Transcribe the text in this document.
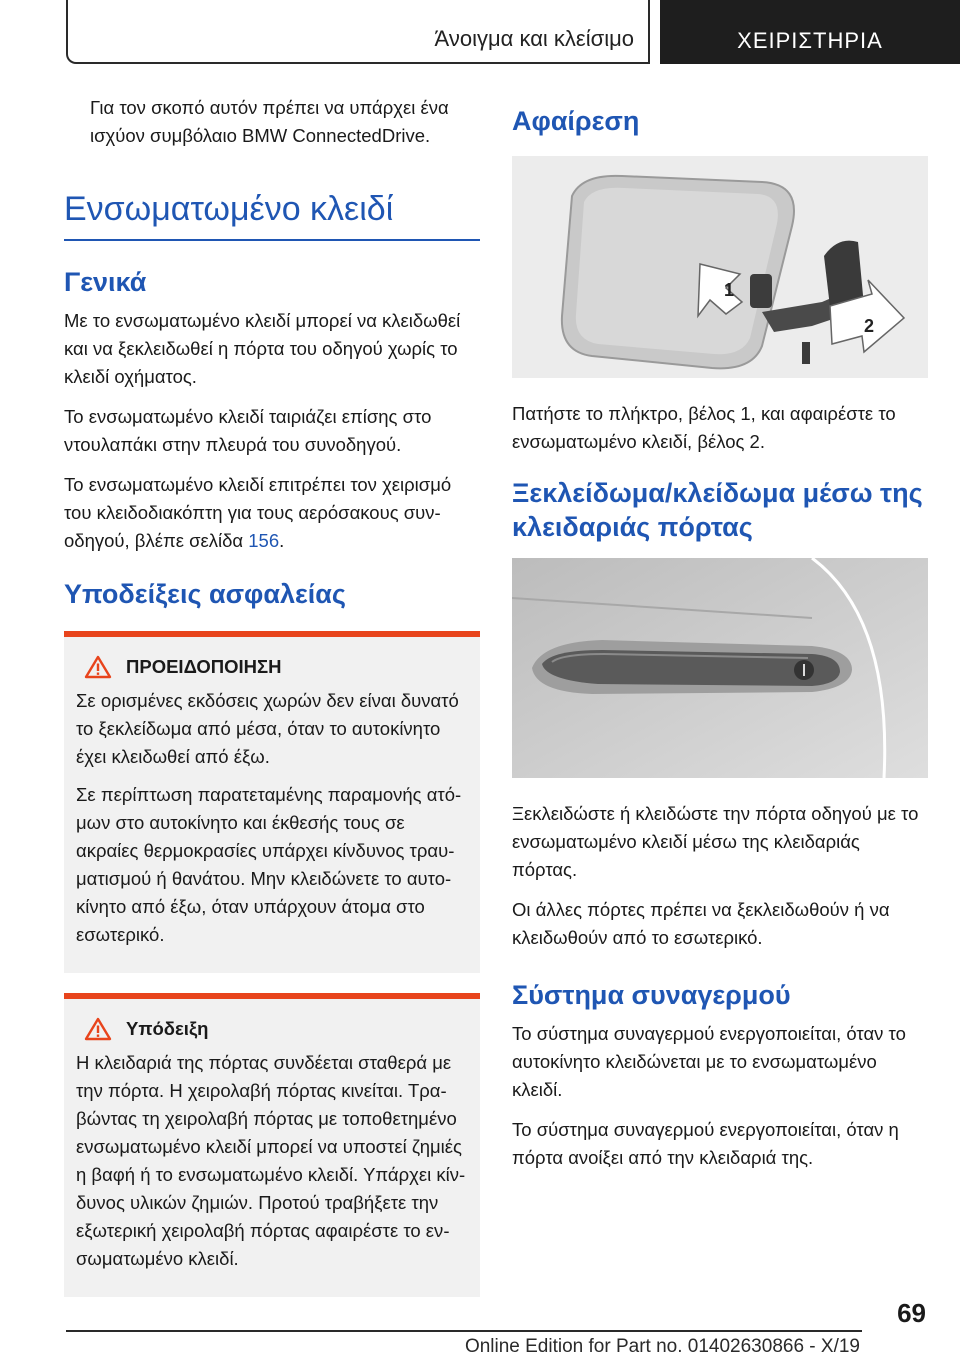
Άνοιγμα και κλείσιμο	ΧΕΙΡΙΣΤΗΡΙΑ

Για τον σκοπό αυτόν πρέπει να υπάρχει ένα ισχύον συμβόλαιο BMW ConnectedDrive.

Ενσωματωμένο κλειδί
Γενικά

Με το ενσωματωμένο κλειδί μπορεί να κλειδωθεί και να ξεκλειδωθεί η πόρτα του οδηγού χωρίς το κλειδί οχήματος.

Το ενσωματωμένο κλειδί ταιριάζει επίσης στο ντουλαπάκι στην πλευρά του συνοδηγού.

Το ενσωματωμένο κλειδί επιτρέπει τον χειρισμό του κλειδοδιακόπτη για τους αερόσακους συνοδηγού, βλέπε σελίδα 156.

Υποδείξεις ασφαλείας
ΠΡΟΕΙΔΟΠΟΙΗΣΗ

Σε ορισμένες εκδόσεις χωρών δεν είναι δυνατό το ξεκλείδωμα από μέσα, όταν το αυτοκίνητο έχει κλειδωθεί από έξω.

Σε περίπτωση παρατεταμένης παραμονής ατόμων στο αυτοκίνητο και έκθεσής τους σε ακραίες θερμοκρασίες υπάρχει κίνδυνος τραυματισμού ή θανάτου. Μην κλειδώνετε το αυτοκίνητο από έξω, όταν υπάρχουν άτομα στο εσωτερικό.

Υπόδειξη

Η κλειδαριά της πόρτας συνδέεται σταθερά με την πόρτα. Η χειρολαβή πόρτας κινείται. Τραβώντας τη χειρολαβή πόρτας με τοποθετημένο ενσωματωμένο κλειδί μπορεί να υποστεί ζημιές η βαφή ή το ενσωματωμένο κλειδί. Υπάρχει κίνδυνος υλικών ζημιών. Προτού τραβήξετε την εξωτερική χειρολαβή πόρτας αφαιρέστε το ενσωματωμένο κλειδί.

Αφαίρεση
1
2

Πατήστε το πλήκτρο, βέλος 1, και αφαιρέστε το ενσωματωμένο κλειδί, βέλος 2.

Ξεκλείδωμα/κλείδωμα μέσω της κλειδαριάς πόρτας

Ξεκλειδώστε ή κλειδώστε την πόρτα οδηγού με το ενσωματωμένο κλειδί μέσω της κλειδαριάς πόρτας.

Οι άλλες πόρτες πρέπει να ξεκλειδωθούν ή να κλειδωθούν από το εσωτερικό.

Σύστημα συναγερμού

Το σύστημα συναγερμού ενεργοποιείται, όταν το αυτοκίνητο κλειδώνεται με το ενσωματωμένο κλειδί.

Το σύστημα συναγερμού ενεργοποιείται, όταν η πόρτα ανοίξει από την κλειδαριά της.

69
Online Edition for Part no. 01402630866 - X/19
